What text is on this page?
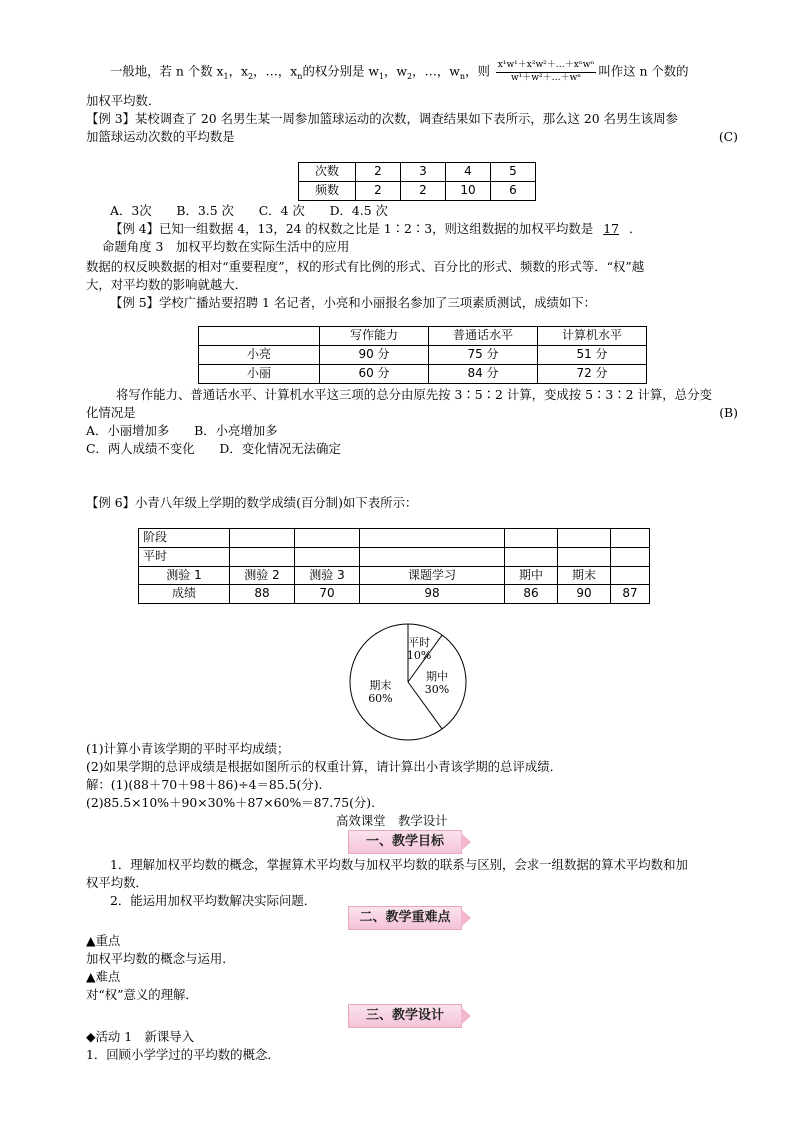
一般地，若 n 个数 $x_1$，$x_2$，…，$x_n$的权分别是 $w_1$，$w_2$，…，$w_n$，则 $\frac{\text{x¹w¹＋x²w²＋…＋xⁿwⁿ}}{\text{w¹＋w²＋…＋wⁿ}}$ 叫作这 n 个数的
加权平均数．
【例 3】某校调查了 20 名男生某一周参加篮球运动的次数，调查结果如下表所示，那么这 20 名男生该周参
加篮球运动次数的平均数是	(C)
次数	2	3	4	5
频数	2	2	10	6
A．3次　　B．3.5 次　　C．4 次　　D．4.5 次
【例 4】已知一组数据 4，13，24 的权数之比是 1∶2∶3，则这组数据的加权平均数是 17 ．
命题角度 3　加权平均数在实际生活中的应用
数据的权反映数据的相对“重要程度”，权的形式有比例的形式、百分比的形式、频数的形式等．“权”越
大，对平均数的影响就越大．
【例 5】学校广播站要招聘 1 名记者，小亮和小丽报名参加了三项素质测试，成绩如下：
	写作能力	普通话水平	计算机水平
小亮	90 分	75 分	51 分
小丽	60 分	84 分	72 分
将写作能力、普通话水平、计算机水平这三项的总分由原先按 3∶5∶2 计算，变成按 5∶3∶2 计算，总分变
化情况是	(B)
A．小丽增加多　　B．小亮增加多
C．两人成绩不变化　　D．变化情况无法确定
【例 6】小青八年级上学期的数学成绩(百分制)如下表所示：
阶段						
平时						
测验 1	测验 2	测验 3	课题学习	期中	期末	
成绩	88	70	98	86	90	87
平时
10%
期中
30%
期末
60%
(1)计算小青该学期的平时平均成绩；
(2)如果学期的总评成绩是根据如图所示的权重计算，请计算出小青该学期的总评成绩．
解：(1)(88＋70＋98＋86)÷4＝85.5(分).
(2)85.5×10%＋90×30%＋87×60%＝87.75(分).
高效课堂　教学设计
一、教学目标
1．理解加权平均数的概念，掌握算术平均数与加权平均数的联系与区别，会求一组数据的算术平均数和加
权平均数．
2．能运用加权平均数解决实际问题．
二、教学重难点
▲重点
加权平均数的概念与运用．
▲难点
对“权”意义的理解．
三、教学设计
◆活动 1　新课导入
1．回顾小学学过的平均数的概念．
